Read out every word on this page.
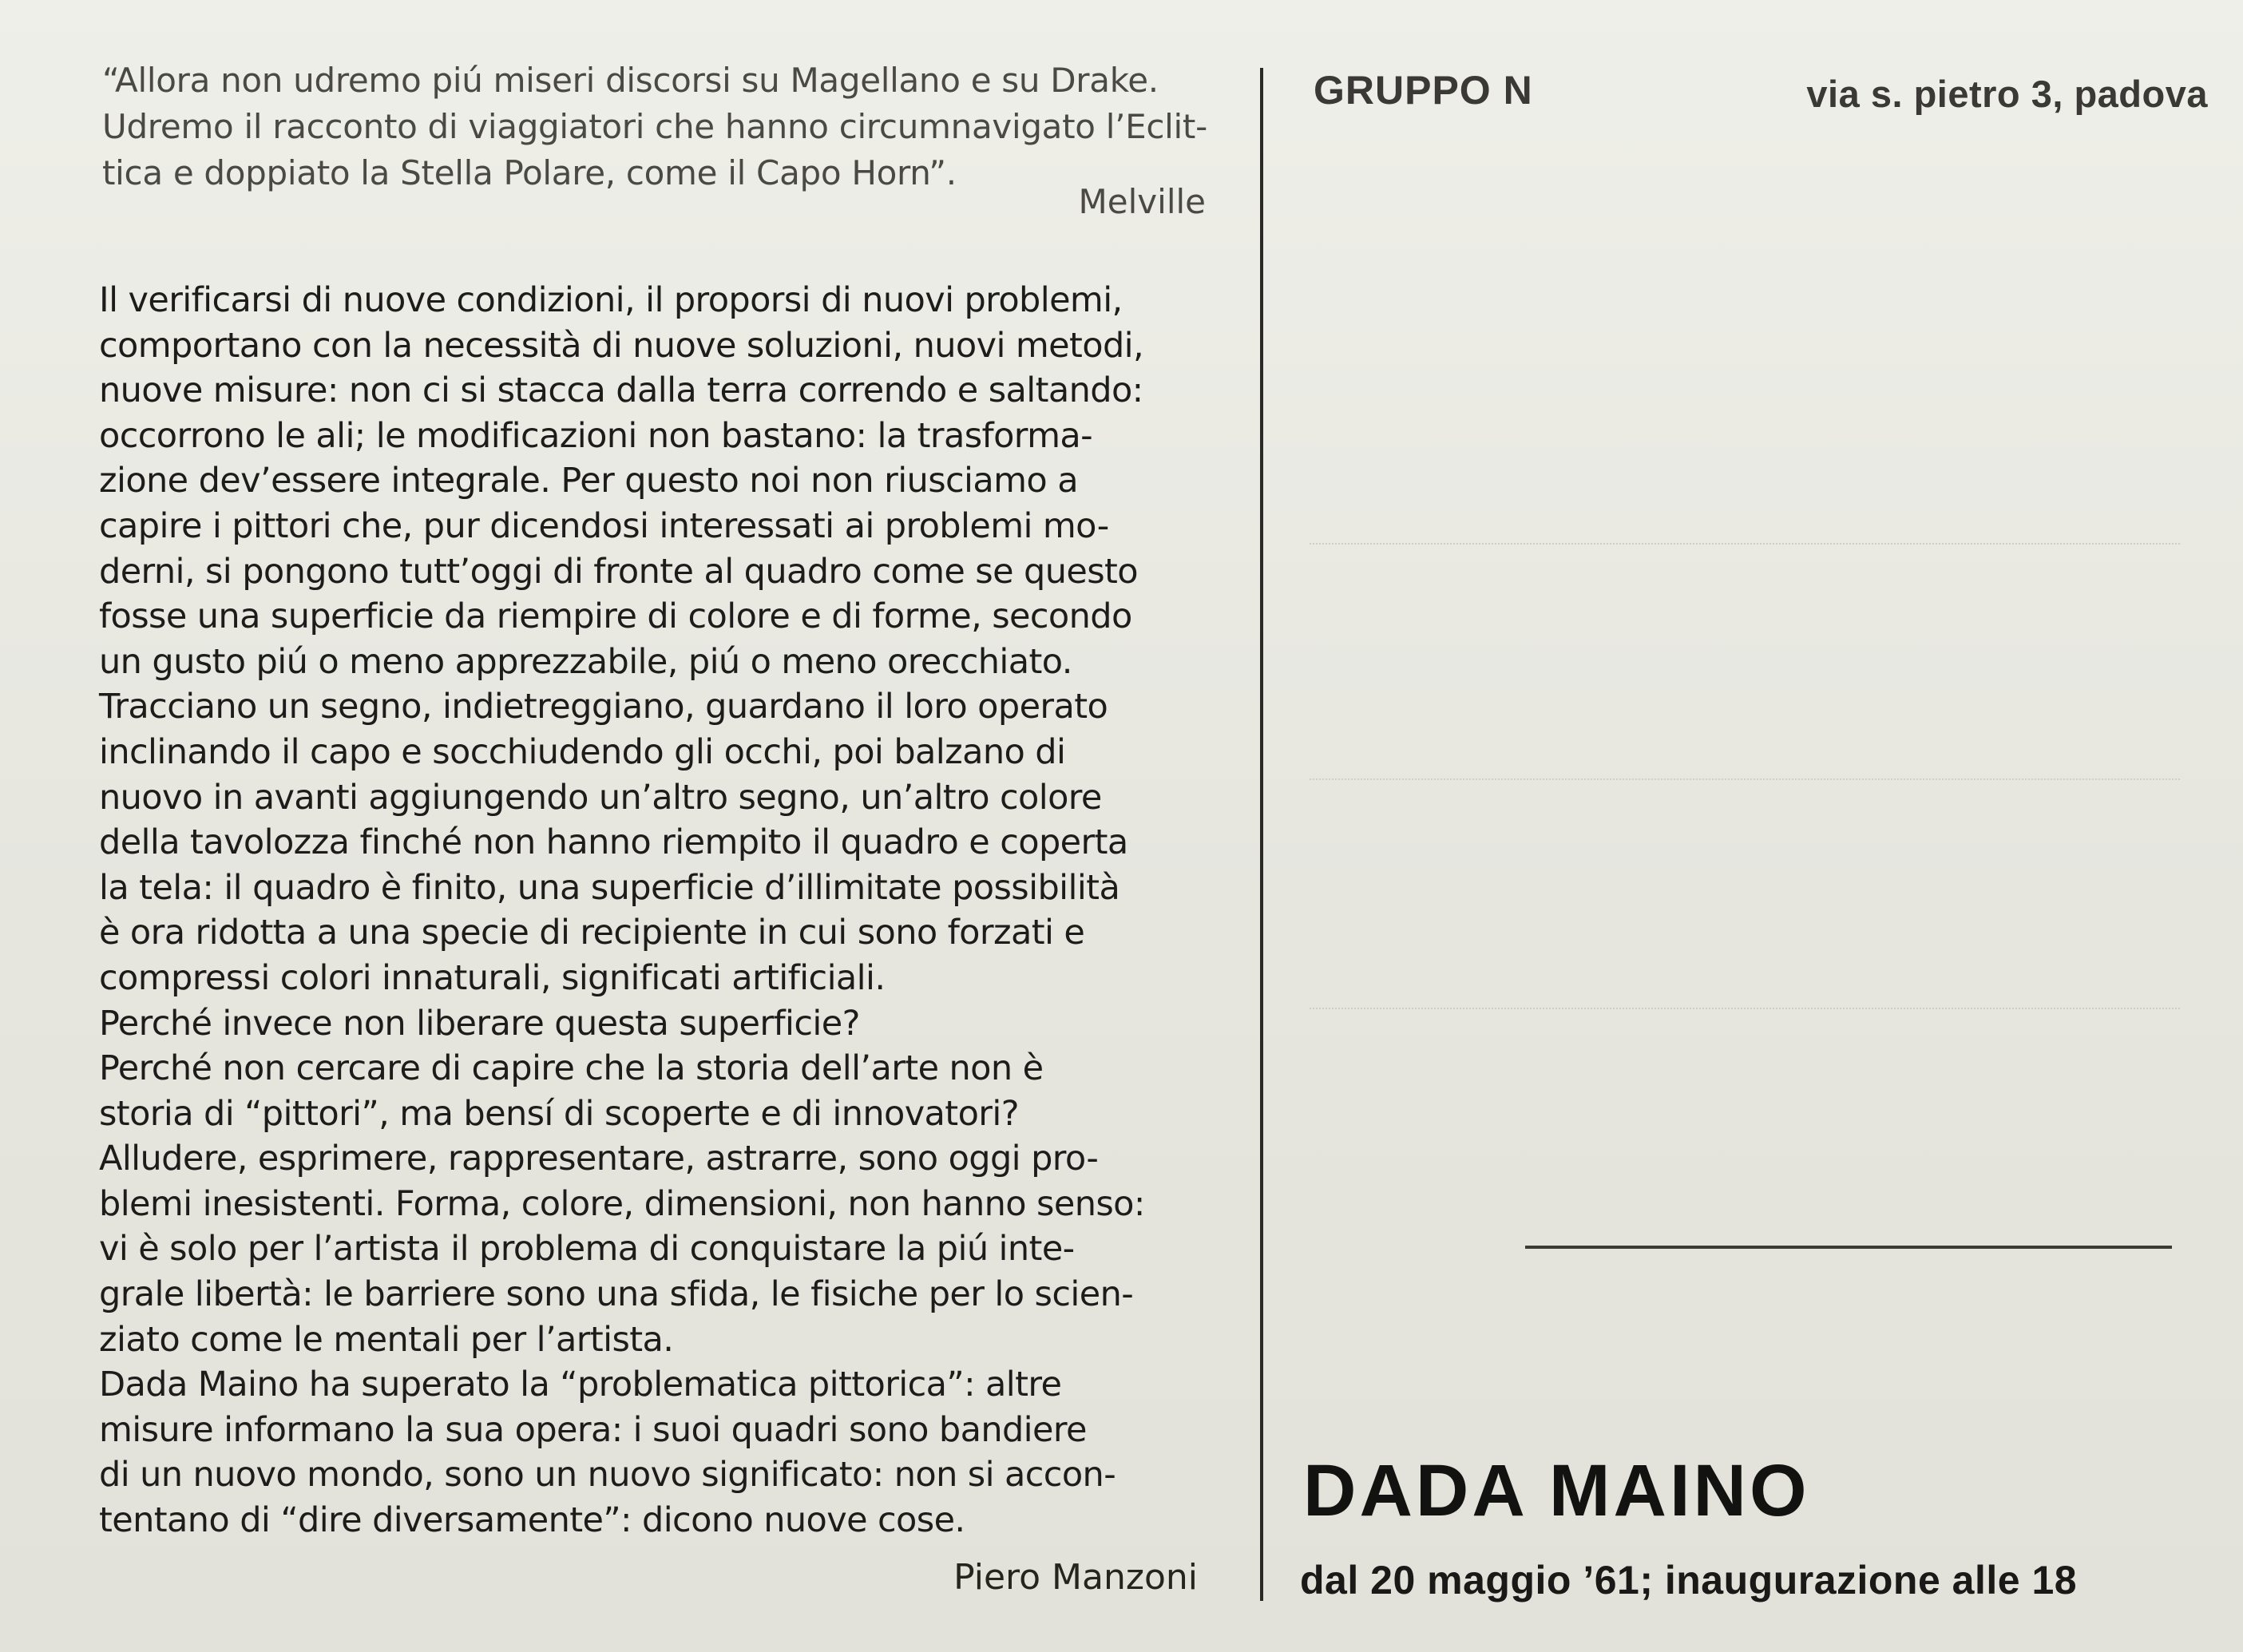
“Allora non udremo piú miseri discorsi su Magellano e su Drake.
Udremo il racconto di viaggiatori che hanno circumnavigato l’Eclit-
tica e doppiato la Stella Polare, come il Capo Horn”.
Melville
Il verificarsi di nuove condizioni, il proporsi di nuovi problemi,
comportano con la necessità di nuove soluzioni, nuovi metodi,
nuove misure: non ci si stacca dalla terra correndo e saltando:
occorrono le ali; le modificazioni non bastano: la trasforma-
zione dev’essere integrale. Per questo noi non riusciamo a
capire i pittori che, pur dicendosi interessati ai problemi mo-
derni, si pongono tutt’oggi di fronte al quadro come se questo
fosse una superficie da riempire di colore e di forme, secondo
un gusto piú o meno apprezzabile, piú o meno orecchiato.
Tracciano un segno, indietreggiano, guardano il loro operato
inclinando il capo e socchiudendo gli occhi, poi balzano di
nuovo in avanti aggiungendo un’altro segno, un’altro colore
della tavolozza finché non hanno riempito il quadro e coperta
la tela: il quadro è finito, una superficie d’illimitate possibilità
è ora ridotta a una specie di recipiente in cui sono forzati e
compressi colori innaturali, significati artificiali.
Perché invece non liberare questa superficie?
Perché non cercare di capire che la storia dell’arte non è
storia di “pittori”, ma bensí di scoperte e di innovatori?
Alludere, esprimere, rappresentare, astrarre, sono oggi pro-
blemi inesistenti. Forma, colore, dimensioni, non hanno senso:
vi è solo per l’artista il problema di conquistare la piú inte-
grale libertà: le barriere sono una sfida, le fisiche per lo scien-
ziato come le mentali per l’artista.
Dada Maino ha superato la “problematica pittorica”: altre
misure informano la sua opera: i suoi quadri sono bandiere
di un nuovo mondo, sono un nuovo significato: non si accon-
tentano di “dire diversamente”: dicono nuove cose.
Piero Manzoni
GRUPPO N	via s. pietro 3, padova
DADA MAINO
dal 20 maggio ’61; inaugurazione alle 18
